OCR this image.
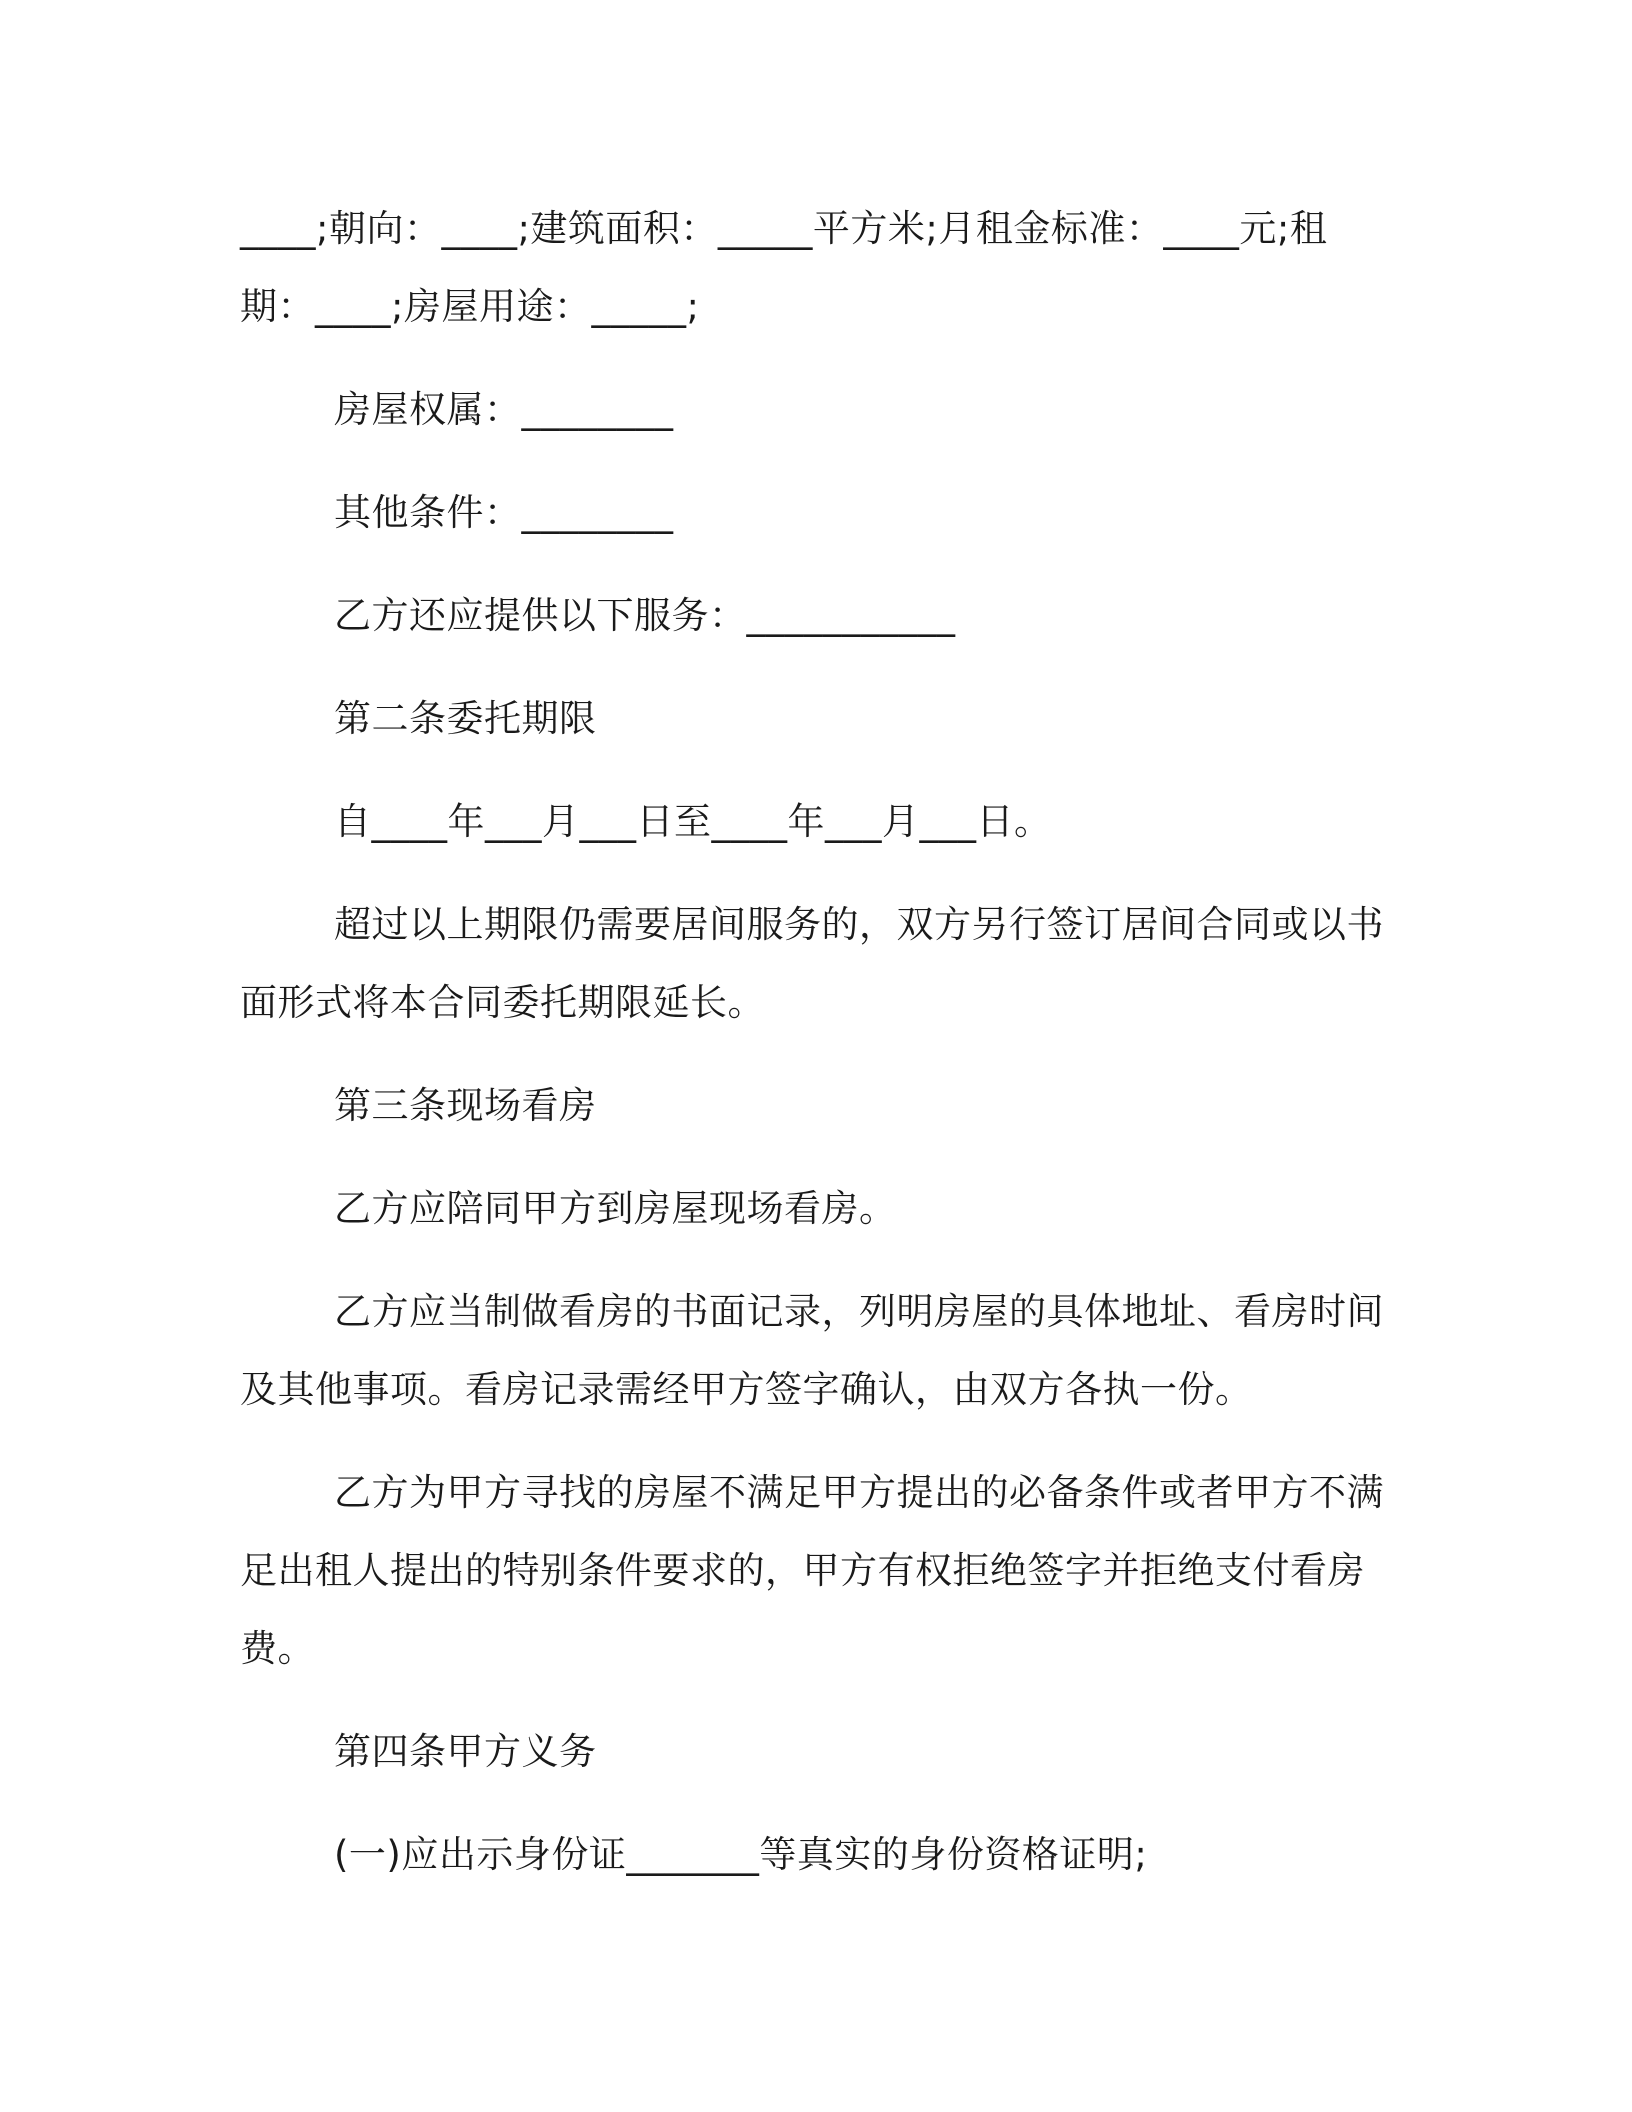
____;朝向：____;建筑面积：_____平方米;月租金标准：____元;租期：____;房屋用途：_____;

房屋权属：________

其他条件：________

乙方还应提供以下服务：___________

第二条委托期限

自____年___月___日至____年___月___日。

超过以上期限仍需要居间服务的，双方另行签订居间合同或以书面形式将本合同委托期限延长。

第三条现场看房

乙方应陪同甲方到房屋现场看房。

乙方应当制做看房的书面记录，列明房屋的具体地址、看房时间及其他事项。看房记录需经甲方签字确认，由双方各执一份。

乙方为甲方寻找的房屋不满足甲方提出的必备条件或者甲方不满足出租人提出的特别条件要求的，甲方有权拒绝签字并拒绝支付看房费。

第四条甲方义务

(一)应出示身份证_______等真实的身份资格证明;
